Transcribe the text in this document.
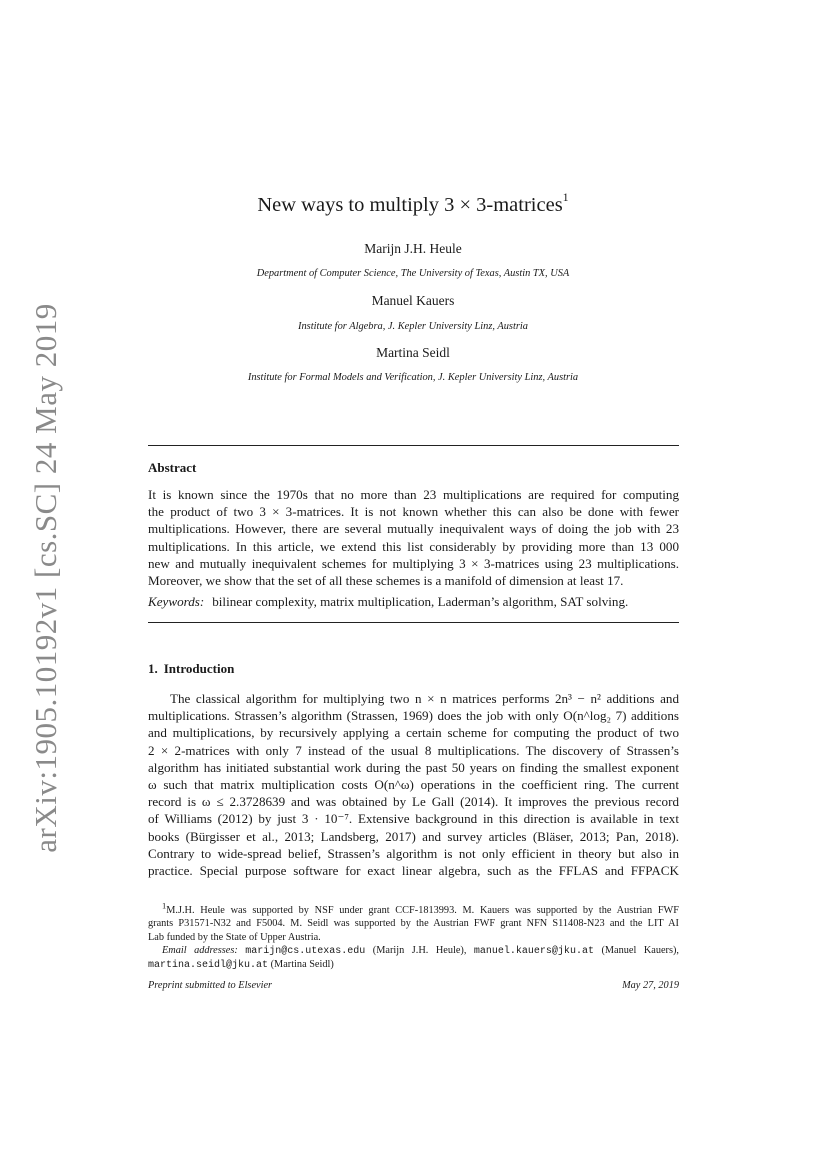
arXiv:1905.10192v1 [cs.SC] 24 May 2019
New ways to multiply 3 × 3-matrices$^1$
Marijn J.H. Heule
Department of Computer Science, The University of Texas, Austin TX, USA
Manuel Kauers
Institute for Algebra, J. Kepler University Linz, Austria
Martina Seidl
Institute for Formal Models and Verification, J. Kepler University Linz, Austria
Abstract
It is known since the 1970s that no more than 23 multiplications are required for computing
the product of two 3 × 3-matrices. It is not known whether this can also be done with fewer
multiplications. However, there are several mutually inequivalent ways of doing the job with 23
multiplications. In this article, we extend this list considerably by providing more than 13 000
new and mutually inequivalent schemes for multiplying 3 × 3-matrices using 23 multiplications.
Moreover, we show that the set of all these schemes is a manifold of dimension at least 17.
Keywords: bilinear complexity, matrix multiplication, Laderman’s algorithm, SAT solving.
1. Introduction
The classical algorithm for multiplying two n × n matrices performs 2n³ − n² additions and
multiplications. Strassen’s algorithm (Strassen, 1969) does the job with only O(n^log₂ 7) additions
and multiplications, by recursively applying a certain scheme for computing the product of two
2 × 2-matrices with only 7 instead of the usual 8 multiplications. The discovery of Strassen’s
algorithm has initiated substantial work during the past 50 years on finding the smallest exponent
ω such that matrix multiplication costs O(n^ω) operations in the coefficient ring. The current
record is ω ≤ 2.3728639 and was obtained by Le Gall (2014). It improves the previous record
of Williams (2012) by just 3 · 10⁻⁷. Extensive background in this direction is available in text
books (Bürgisser et al., 2013; Landsberg, 2017) and survey articles (Bläser, 2013; Pan, 2018).
Contrary to wide-spread belief, Strassen’s algorithm is not only efficient in theory but also in
practice. Special purpose software for exact linear algebra, such as the FFLAS and FFPACK
$^1$M.J.H. Heule was supported by NSF under grant CCF-1813993. M. Kauers was supported by the Austrian FWF
grants P31571-N32 and F5004. M. Seidl was supported by the Austrian FWF grant NFN S11408-N23 and the LIT AI
Lab funded by the State of Upper Austria.
Email addresses: marijn@cs.utexas.edu (Marijn J.H. Heule), manuel.kauers@jku.at (Manuel Kauers),
martina.seidl@jku.at (Martina Seidl)
Preprint submitted to Elsevier	May 27, 2019
